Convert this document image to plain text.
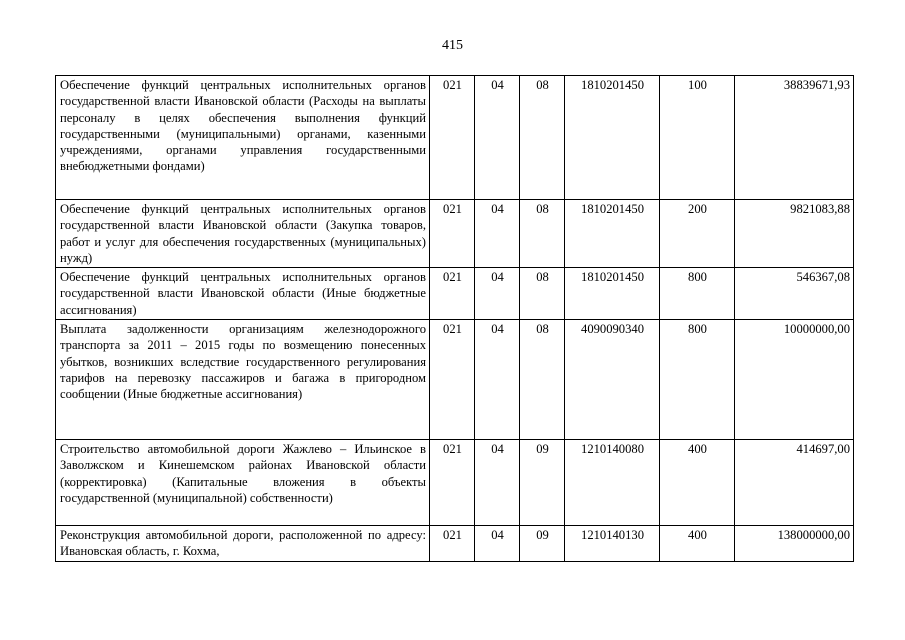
415
Обеспечение функций центральных исполнительных органов государственной власти Ивановской области (Расходы на выплаты персоналу в целях обеспечения выполнения функций государственными (муниципальными) органами, казенными учреждениями, органами управления государственными внебюджетными фондами)	021	04	08	1810201450	100	38839671,93
Обеспечение функций центральных исполнительных органов государственной власти Ивановской области (Закупка товаров, работ и услуг для обеспечения государственных (муниципальных) нужд)	021	04	08	1810201450	200	9821083,88
Обеспечение функций центральных исполнительных органов государственной власти Ивановской области (Иные бюджетные ассигнования)	021	04	08	1810201450	800	546367,08
Выплата задолженности организациям железнодорожного транспорта за 2011 – 2015 годы по возмещению понесенных убытков, возникших вследствие государственного регулирования тарифов на перевозку пассажиров и багажа в пригородном сообщении (Иные бюджетные ассигнования)	021	04	08	4090090340	800	10000000,00
Строительство автомобильной дороги Жажлево – Ильинское в Заволжском и Кинешемском районах Ивановской области (корректировка) (Капитальные вложения в объекты государственной (муниципальной) собственности)	021	04	09	1210140080	400	414697,00
Реконструкция автомобильной дороги, расположенной по адресу: Ивановская область, г. Кохма,	021	04	09	1210140130	400	138000000,00
